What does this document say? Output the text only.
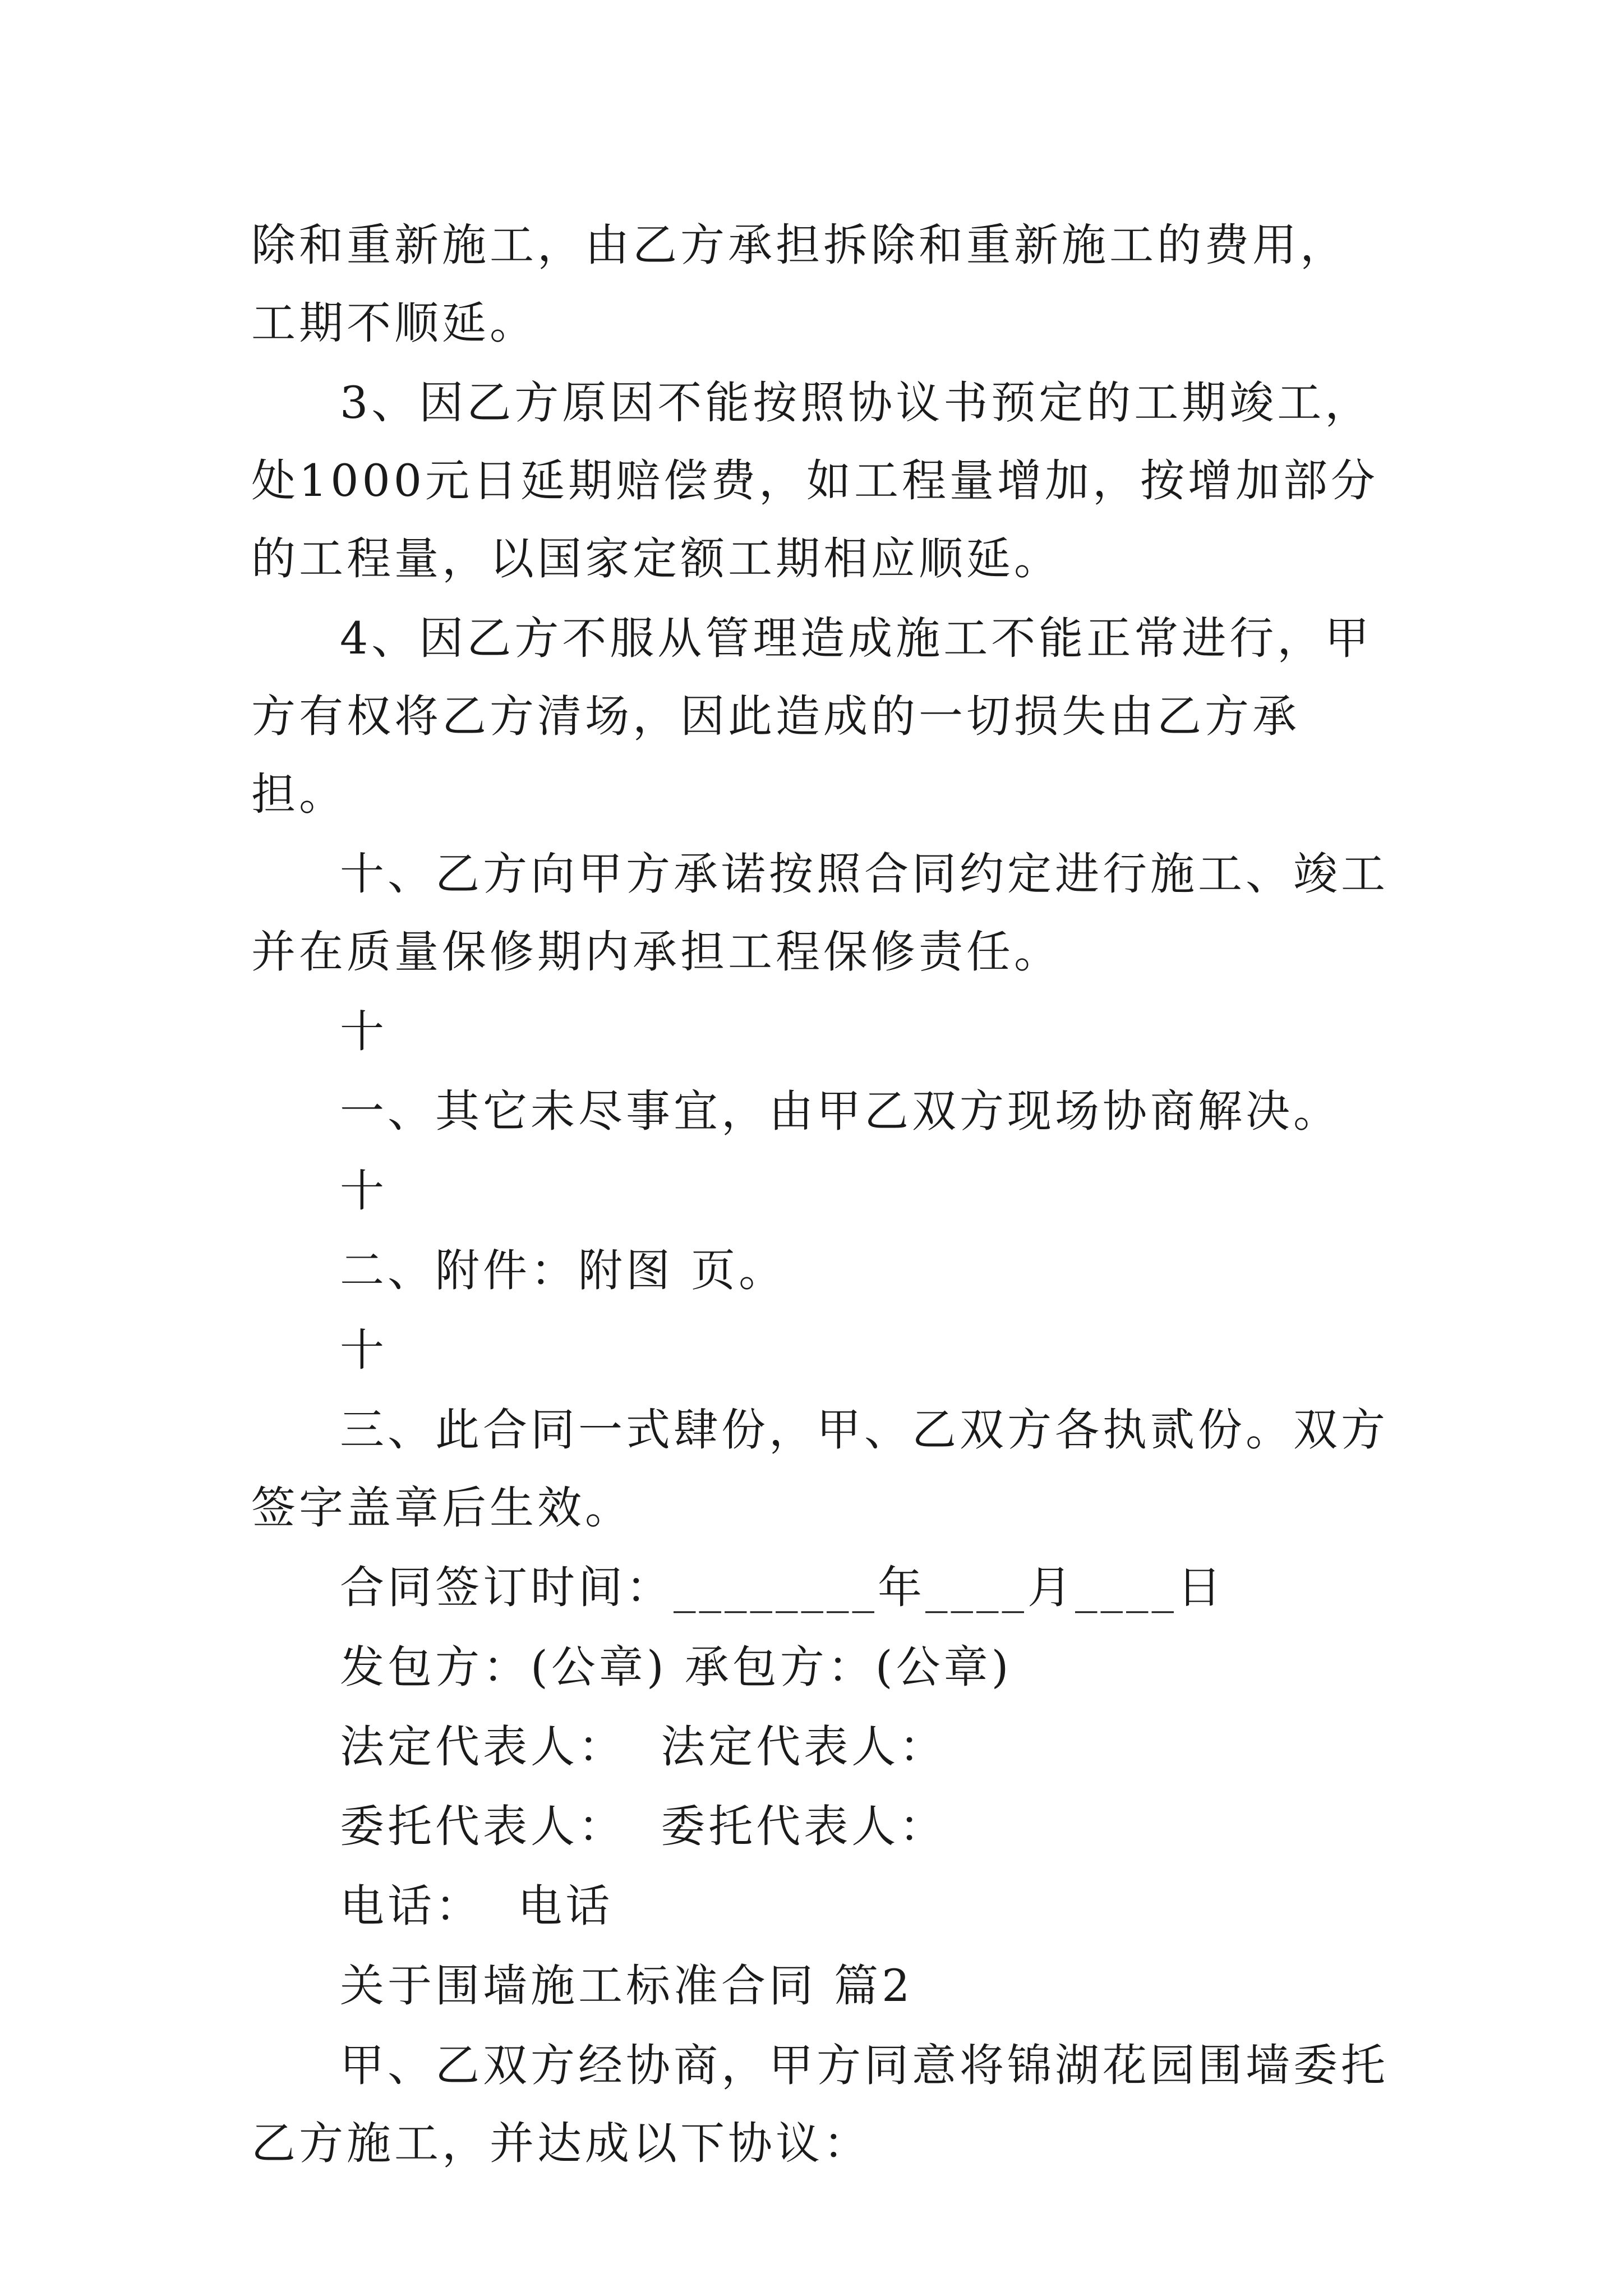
除和重新施工，由乙方承担拆除和重新施工的费用，工期不顺延。

3、因乙方原因不能按照协议书预定的工期竣工，处1000元日延期赔偿费，如工程量增加，按增加部分的工程量，以国家定额工期相应顺延。

4、因乙方不服从管理造成施工不能正常进行，甲方有权将乙方清场，因此造成的一切损失由乙方承担。

十、乙方向甲方承诺按照合同约定进行施工、竣工并在质量保修期内承担工程保修责任。

十

一、其它未尽事宜，由甲乙双方现场协商解决。

十

二、附件：附图 页。

十

三、此合同一式肆份，甲、乙双方各执贰份。双方签字盖章后生效。

合同签订时间：________年____月____日

发包方：(公章) 承包方：(公章)

法定代表人：  法定代表人：

委托代表人：  委托代表人：

电话：  电话

关于围墙施工标准合同 篇2

甲、乙双方经协商，甲方同意将锦湖花园围墙委托乙方施工，并达成以下协议：
